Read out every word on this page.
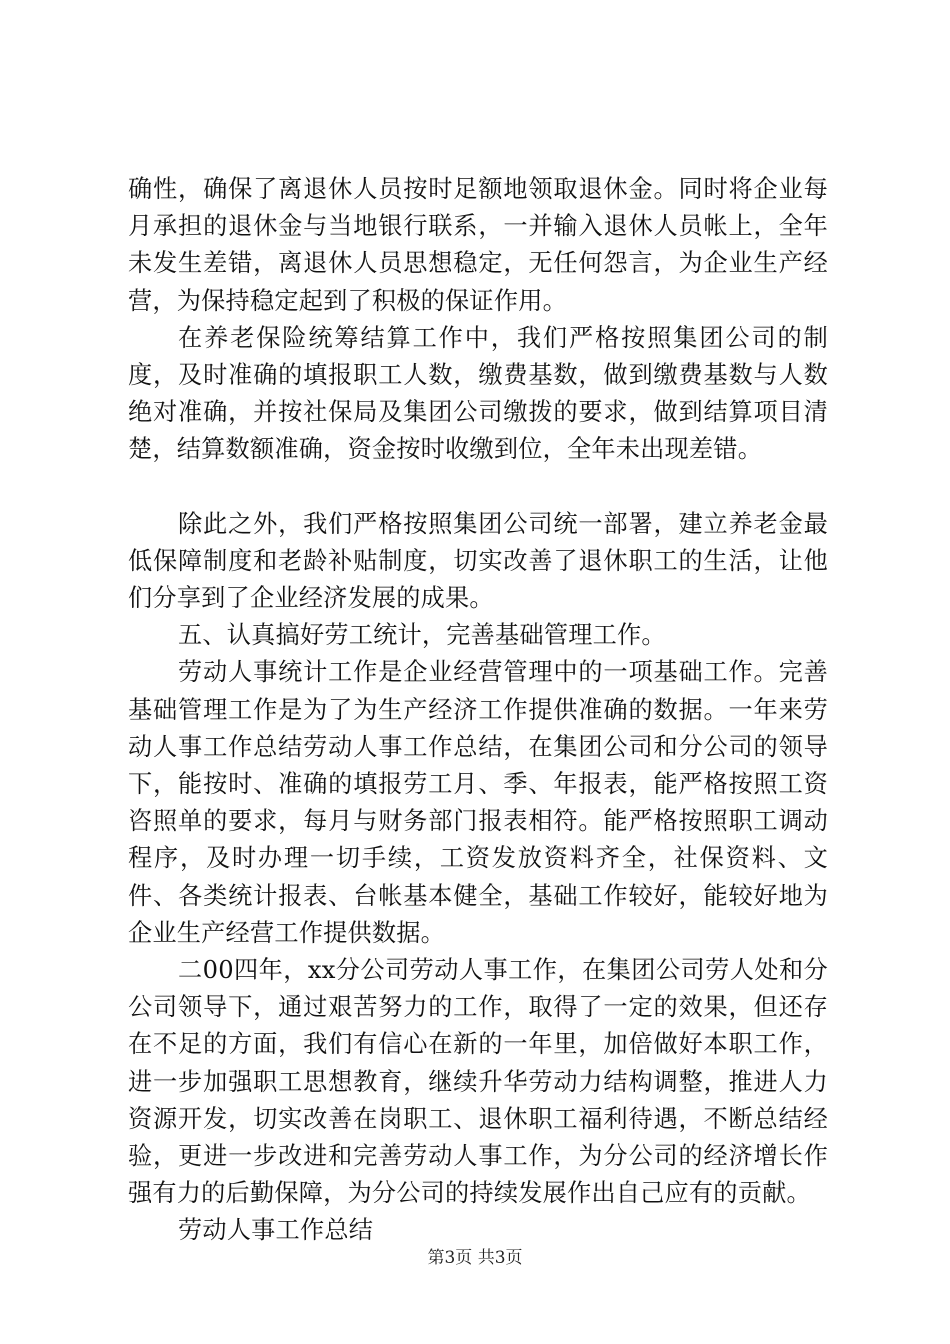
确性，确保了离退休人员按时足额地领取退休金。同时将企业每月承担的退休金与当地银行联系，一并输入退休人员帐上，全年未发生差错，离退休人员思想稳定，无任何怨言，为企业生产经营，为保持稳定起到了积极的保证作用。

在养老保险统筹结算工作中，我们严格按照集团公司的制度，及时准确的填报职工人数，缴费基数，做到缴费基数与人数绝对准确，并按社保局及集团公司缴拨的要求，做到结算项目清楚，结算数额准确，资金按时收缴到位，全年未出现差错。

除此之外，我们严格按照集团公司统一部署，建立养老金最低保障制度和老龄补贴制度，切实改善了退休职工的生活，让他们分享到了企业经济发展的成果。

五、认真搞好劳工统计，完善基础管理工作。

劳动人事统计工作是企业经营管理中的一项基础工作。完善基础管理工作是为了为生产经济工作提供准确的数据。一年来劳动人事工作总结劳动人事工作总结，在集团公司和分公司的领导下，能按时、准确的填报劳工月、季、年报表，能严格按照工资咨照单的要求，每月与财务部门报表相符。能严格按照职工调动程序，及时办理一切手续，工资发放资料齐全，社保资料、文件、各类统计报表、台帐基本健全，基础工作较好，能较好地为企业生产经营工作提供数据。

二00四年，xx分公司劳动人事工作，在集团公司劳人处和分公司领导下，通过艰苦努力的工作，取得了一定的效果，但还存在不足的方面，我们有信心在新的一年里，加倍做好本职工作，进一步加强职工思想教育，继续升华劳动力结构调整，推进人力资源开发，切实改善在岗职工、退休职工福利待遇，不断总结经验，更进一步改进和完善劳动人事工作，为分公司的经济增长作强有力的后勤保障，为分公司的持续发展作出自己应有的贡献。

劳动人事工作总结

第3页 共3页
